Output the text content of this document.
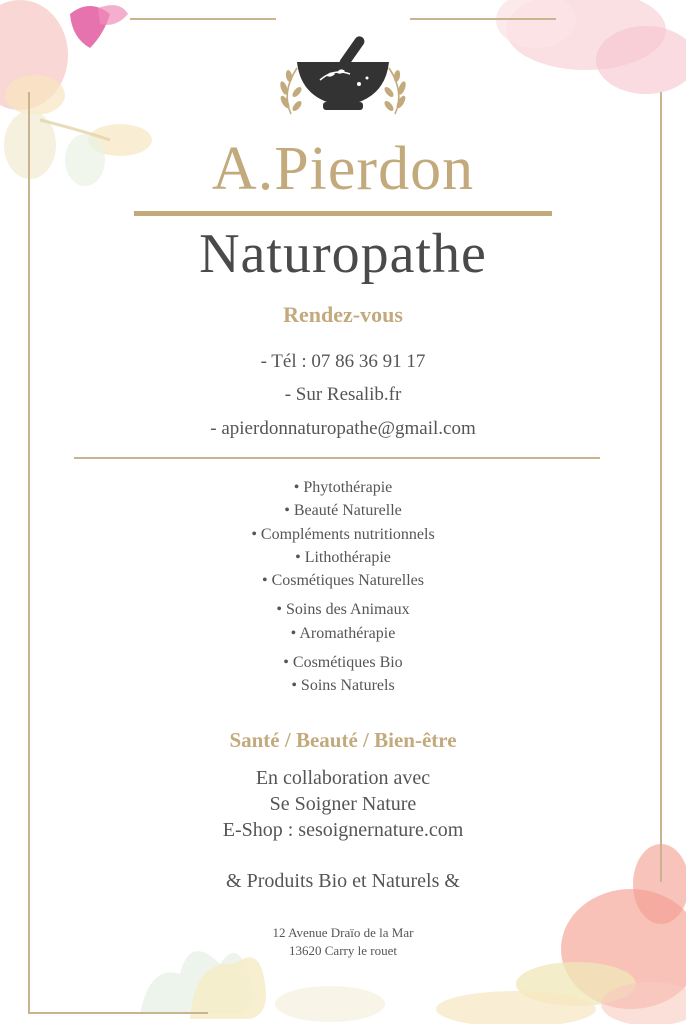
A.Pierdon
Naturopathe
Rendez-vous
- Tél : 07 86 36 91 17
- Sur Resalib.fr
- apierdonnaturopathe@gmail.com
• Phytothérapie
• Beauté Naturelle
• Compléments nutritionnels
• Lithothérapie
• Cosmétiques Naturelles
• Soins des Animaux
• Aromathérapie
• Cosmétiques Bio
• Soins Naturels
Santé / Beauté / Bien-être
En collaboration avec
Se Soigner Nature
E-Shop : sesoignernature.com
& Produits Bio et Naturels &
12 Avenue Draïo de la Mar
13620 Carry le rouet
